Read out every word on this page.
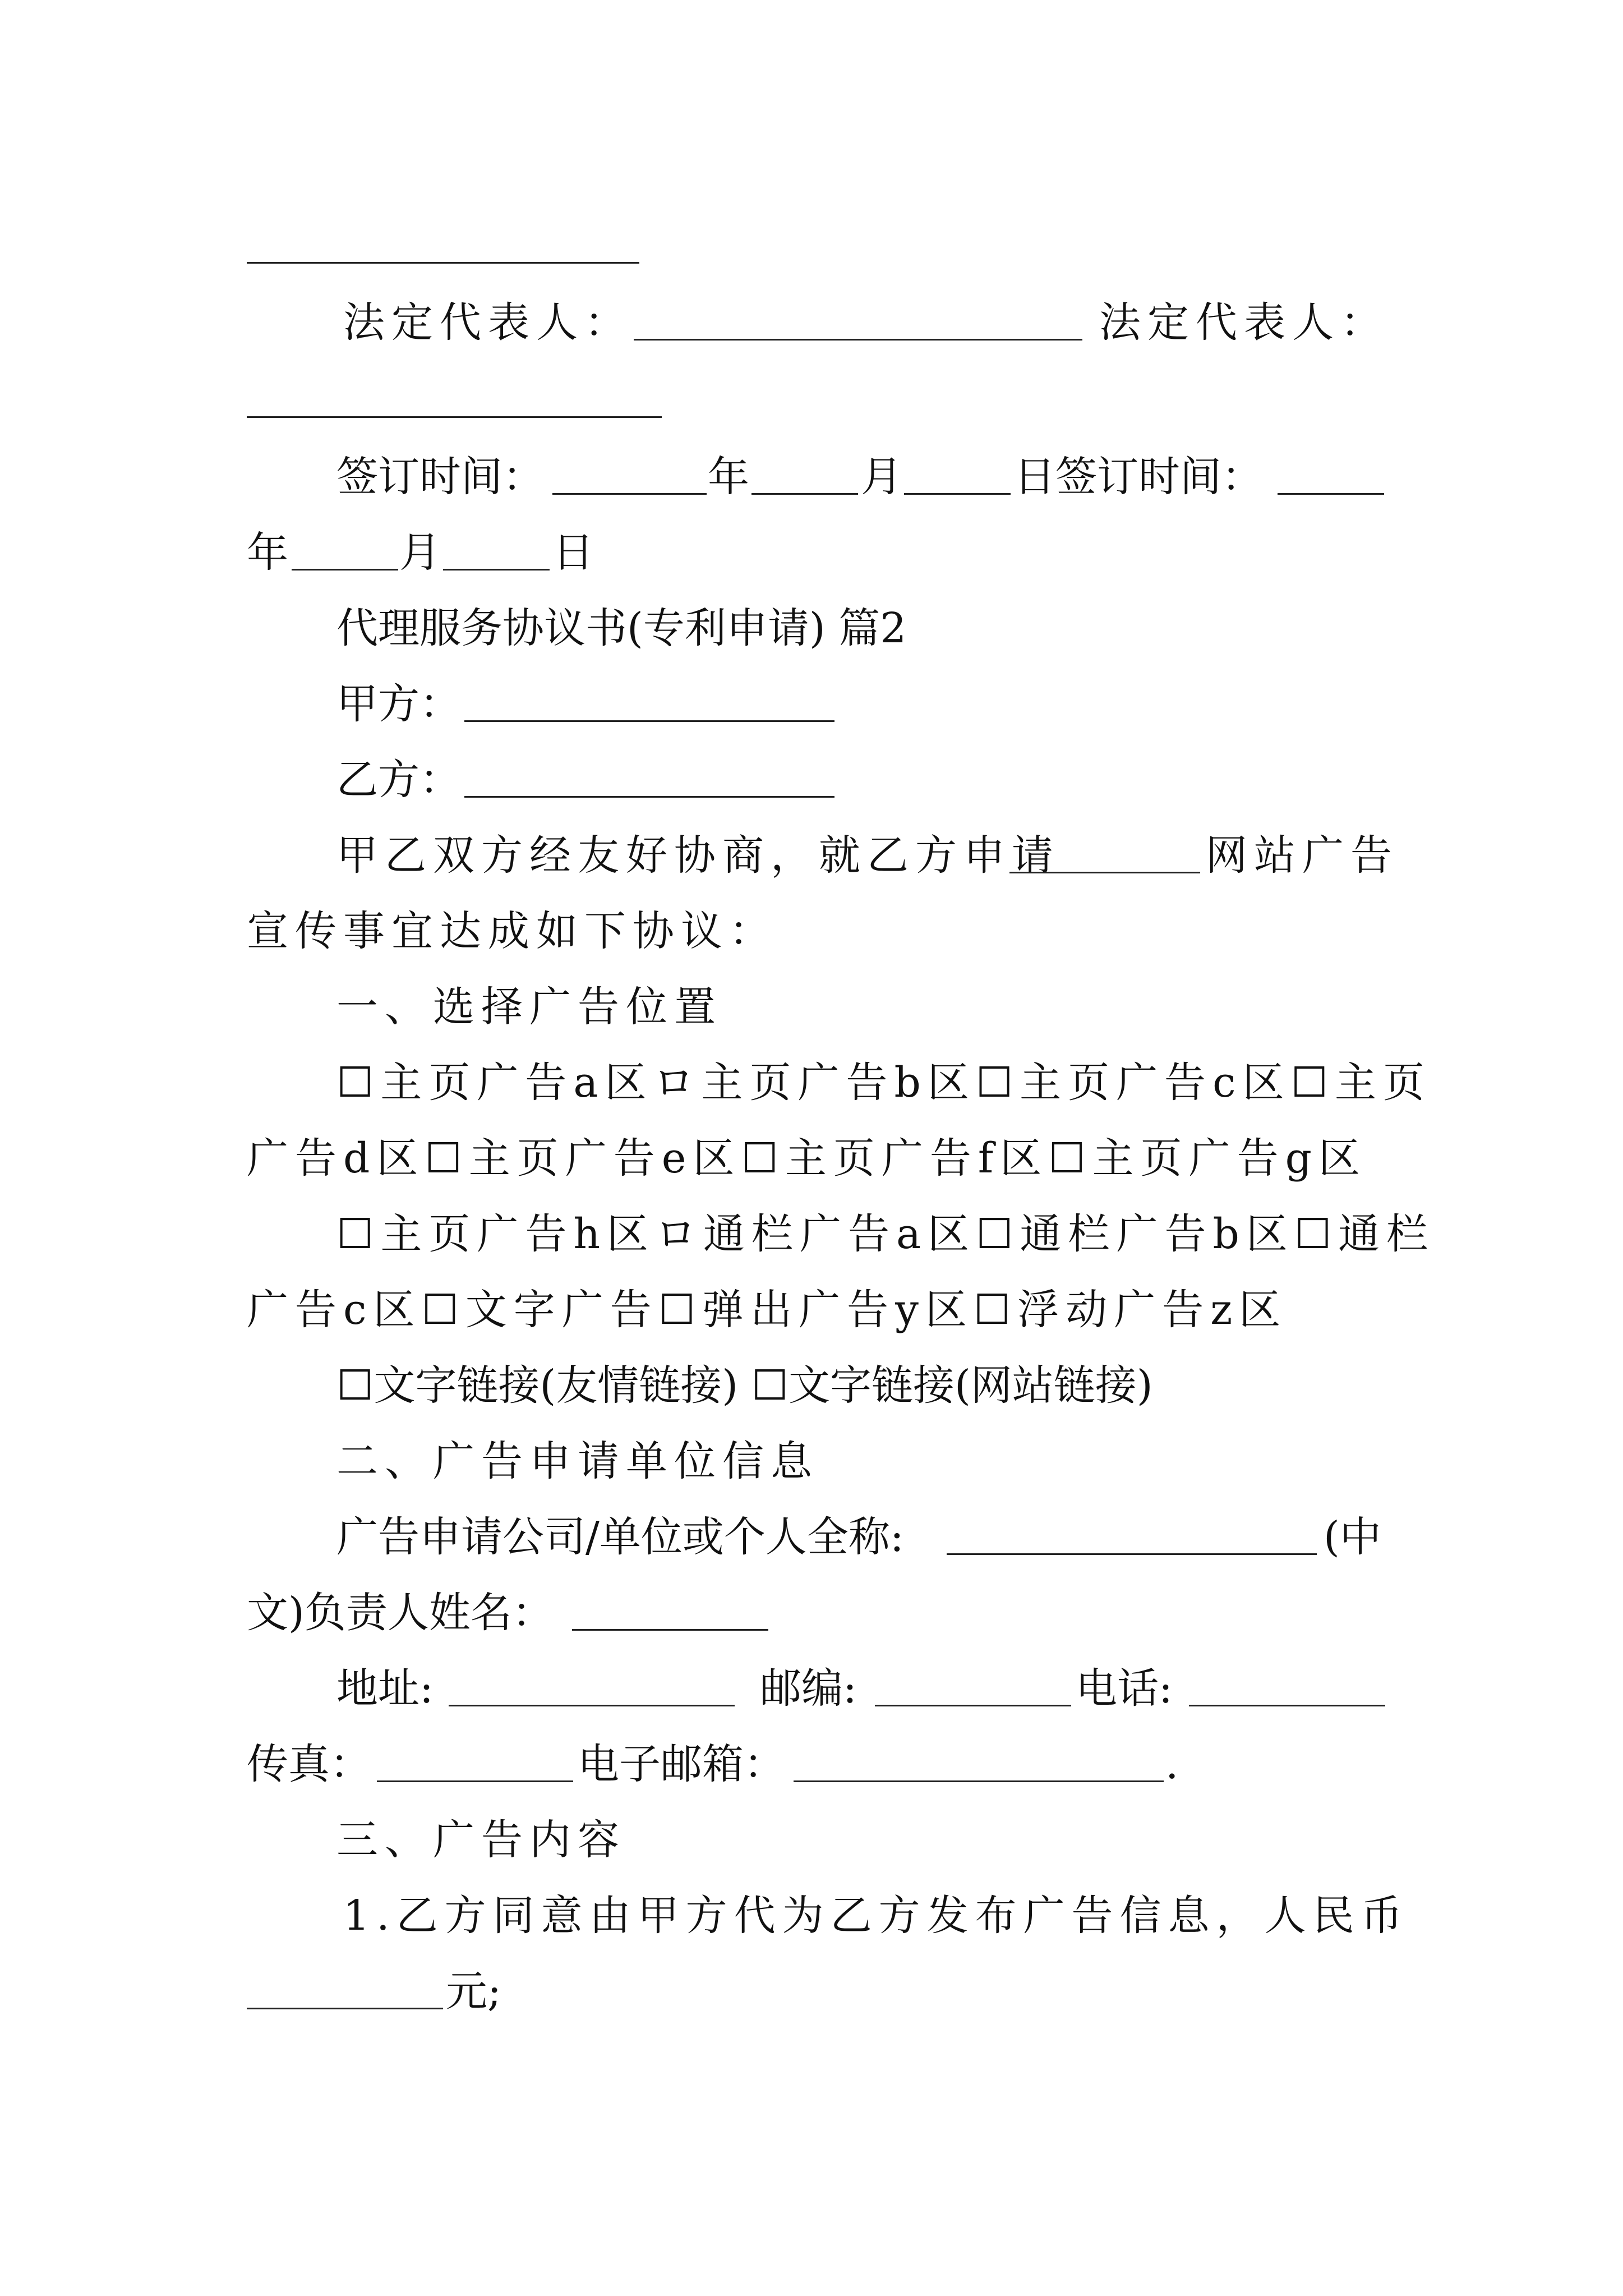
法定代表人：	法定代表人：
签订时间：	年	月	日签订时间：
年	月	日
代理服务协议书(专利申请) 篇2
甲方：
乙方：
甲乙双方经友好协商，就乙方申请	网站广告
宣传事宜达成如下协议：
一、选择广告位置
☐主页广告a区ロ主页广告b区☐主页广告c区☐主页
广告d区☐主页广告e区☐主页广告f区☐主页广告g区
☐主页广告h区ロ通栏广告a区☐通栏广告b区☐通栏
广告c区☐文字广告☐弹出广告y区☐浮动广告z区
☐文字链接(友情链接) ☐文字链接(网站链接)
二、广告申请单位信息
广告申请公司/单位或个人全称:	(中
文)负责人姓名：
地址:	邮编:	电话:
传真：	电子邮箱：	.
三、广告内容
1.乙方同意由甲方代为乙方发布广告信息，人民币
元;
